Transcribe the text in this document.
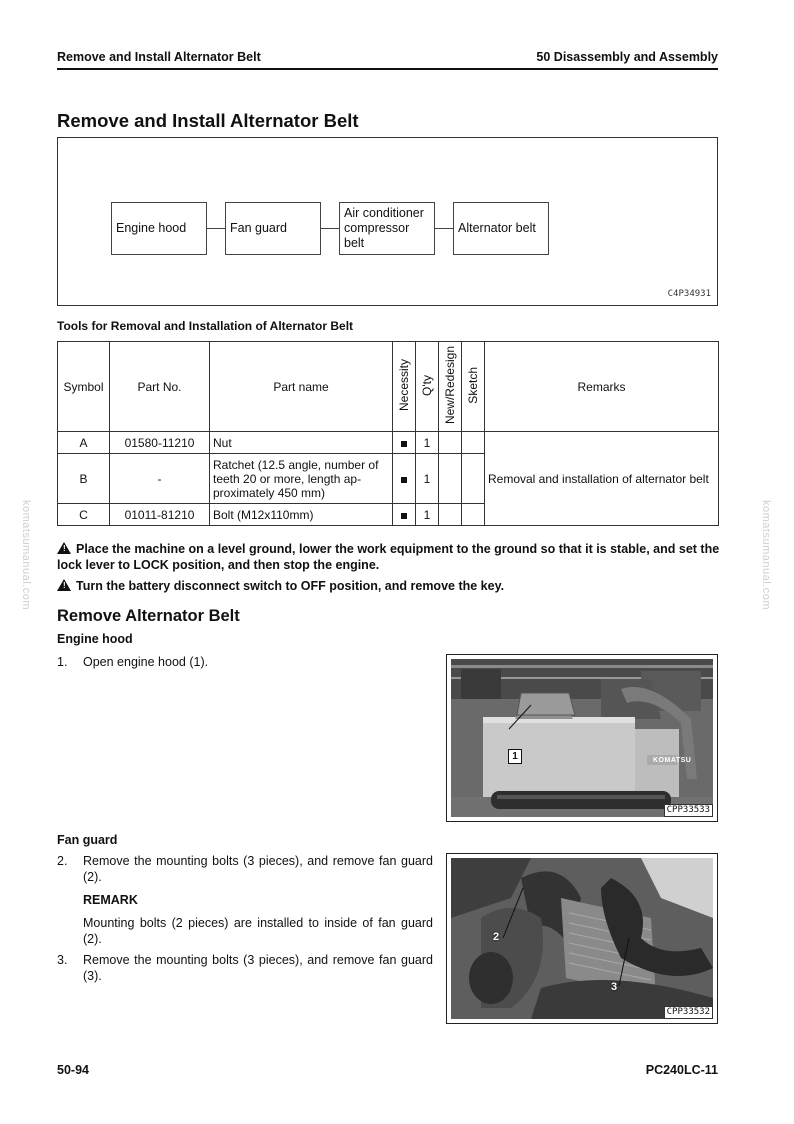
Remove and Install Alternator Belt	50 Disassembly and Assembly
Remove and Install Alternator Belt
Engine hood	Fan guard
Air conditioner compressor belt
Alternator belt
C4P34931
Tools for Removal and Installation of Alternator Belt
Symbol	Part No.	Part name	Necessity	Q'ty	New/Redesign	Sketch	Remarks
A	01580-11210	Nut		1			Removal and installation of alternator belt
B	-	Ratchet (12.5 angle, number of teeth 20 or more, length ap-proximately 450 mm)		1			
C	01011-81210	Bolt (M12x110mm)		1			
! Place the machine on a level ground, lower the work equipment to the ground so that it is stable, and set the lock lever to LOCK position, and then stop the engine.
! Turn the battery disconnect switch to OFF position, and remove the key.
Remove Alternator Belt
Engine hood
1. Open engine hood (1).
KOMATSU
1
CPP33533
Fan guard
2. Remove the mounting bolts (3 pieces), and remove fan guard (2).
REMARK
Mounting bolts (2 pieces) are installed to inside of fan guard (2).
3. Remove the mounting bolts (3 pieces), and remove fan guard (3).
2
3
CPP33532
komatsumanual.com	komatsumanual.com
50-94	PC240LC-11
